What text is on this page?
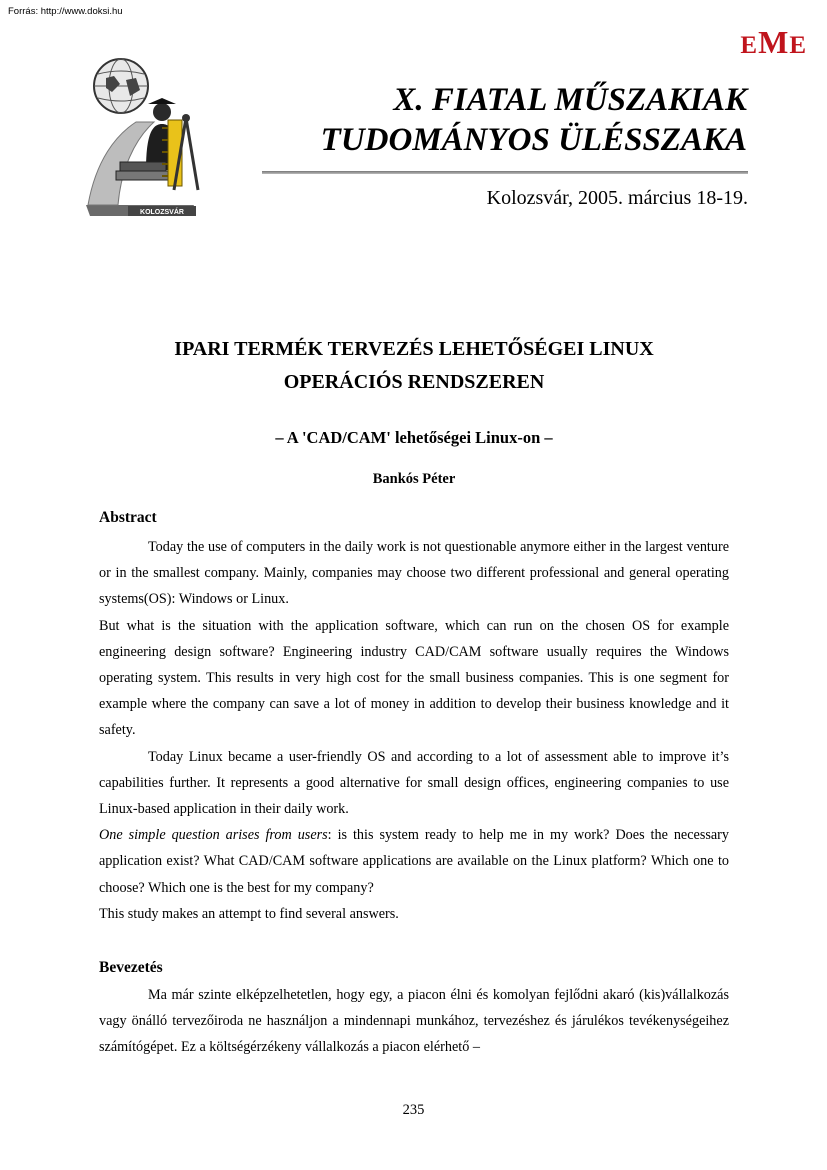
Forrás: http://www.doksi.hu
EME
KOLOZSVÁR
X. FIATAL MŰSZAKIAK
TUDOMÁNYOS ÜLÉSSZAKA
Kolozsvár, 2005. március 18-19.
IPARI TERMÉK TERVEZÉS LEHETŐSÉGEI LINUX
OPERÁCIÓS RENDSZEREN
– A 'CAD/CAM' lehetőségei Linux-on –
Bankós Péter
Abstract

Today the use of computers in the daily work is not questionable anymore either in the largest venture or in the smallest company. Mainly, companies may choose two different professional and general operating systems(OS): Windows or Linux.

But what is the situation with the application software, which can run on the chosen OS for example engineering design software? Engineering industry CAD/CAM software usually requires the Windows operating system. This results in very high cost for the small business companies. This is one segment for example where the company can save a lot of money in addition to develop their business knowledge and it safety.

Today Linux became a user-friendly OS and according to a lot of assessment able to improve it’s capabilities further. It represents a good alternative for small design offices, engineering companies to use Linux-based application in their daily work.

One simple question arises from users: is this system ready to help me in my work? Does the necessary application exist? What CAD/CAM software applications are available on the Linux platform? Which one to choose? Which one is the best for my company?

This study makes an attempt to find several answers.

Bevezetés

Ma már szinte elképzelhetetlen, hogy egy, a piacon élni és komolyan fejlődni akaró (kis)vállalkozás vagy önálló tervezőiroda ne használjon a mindennapi munkához, tervezéshez és járulékos tevékenységeihez számítógépet. Ez a költségérzékeny vállalkozás a piacon elérhető –

235
